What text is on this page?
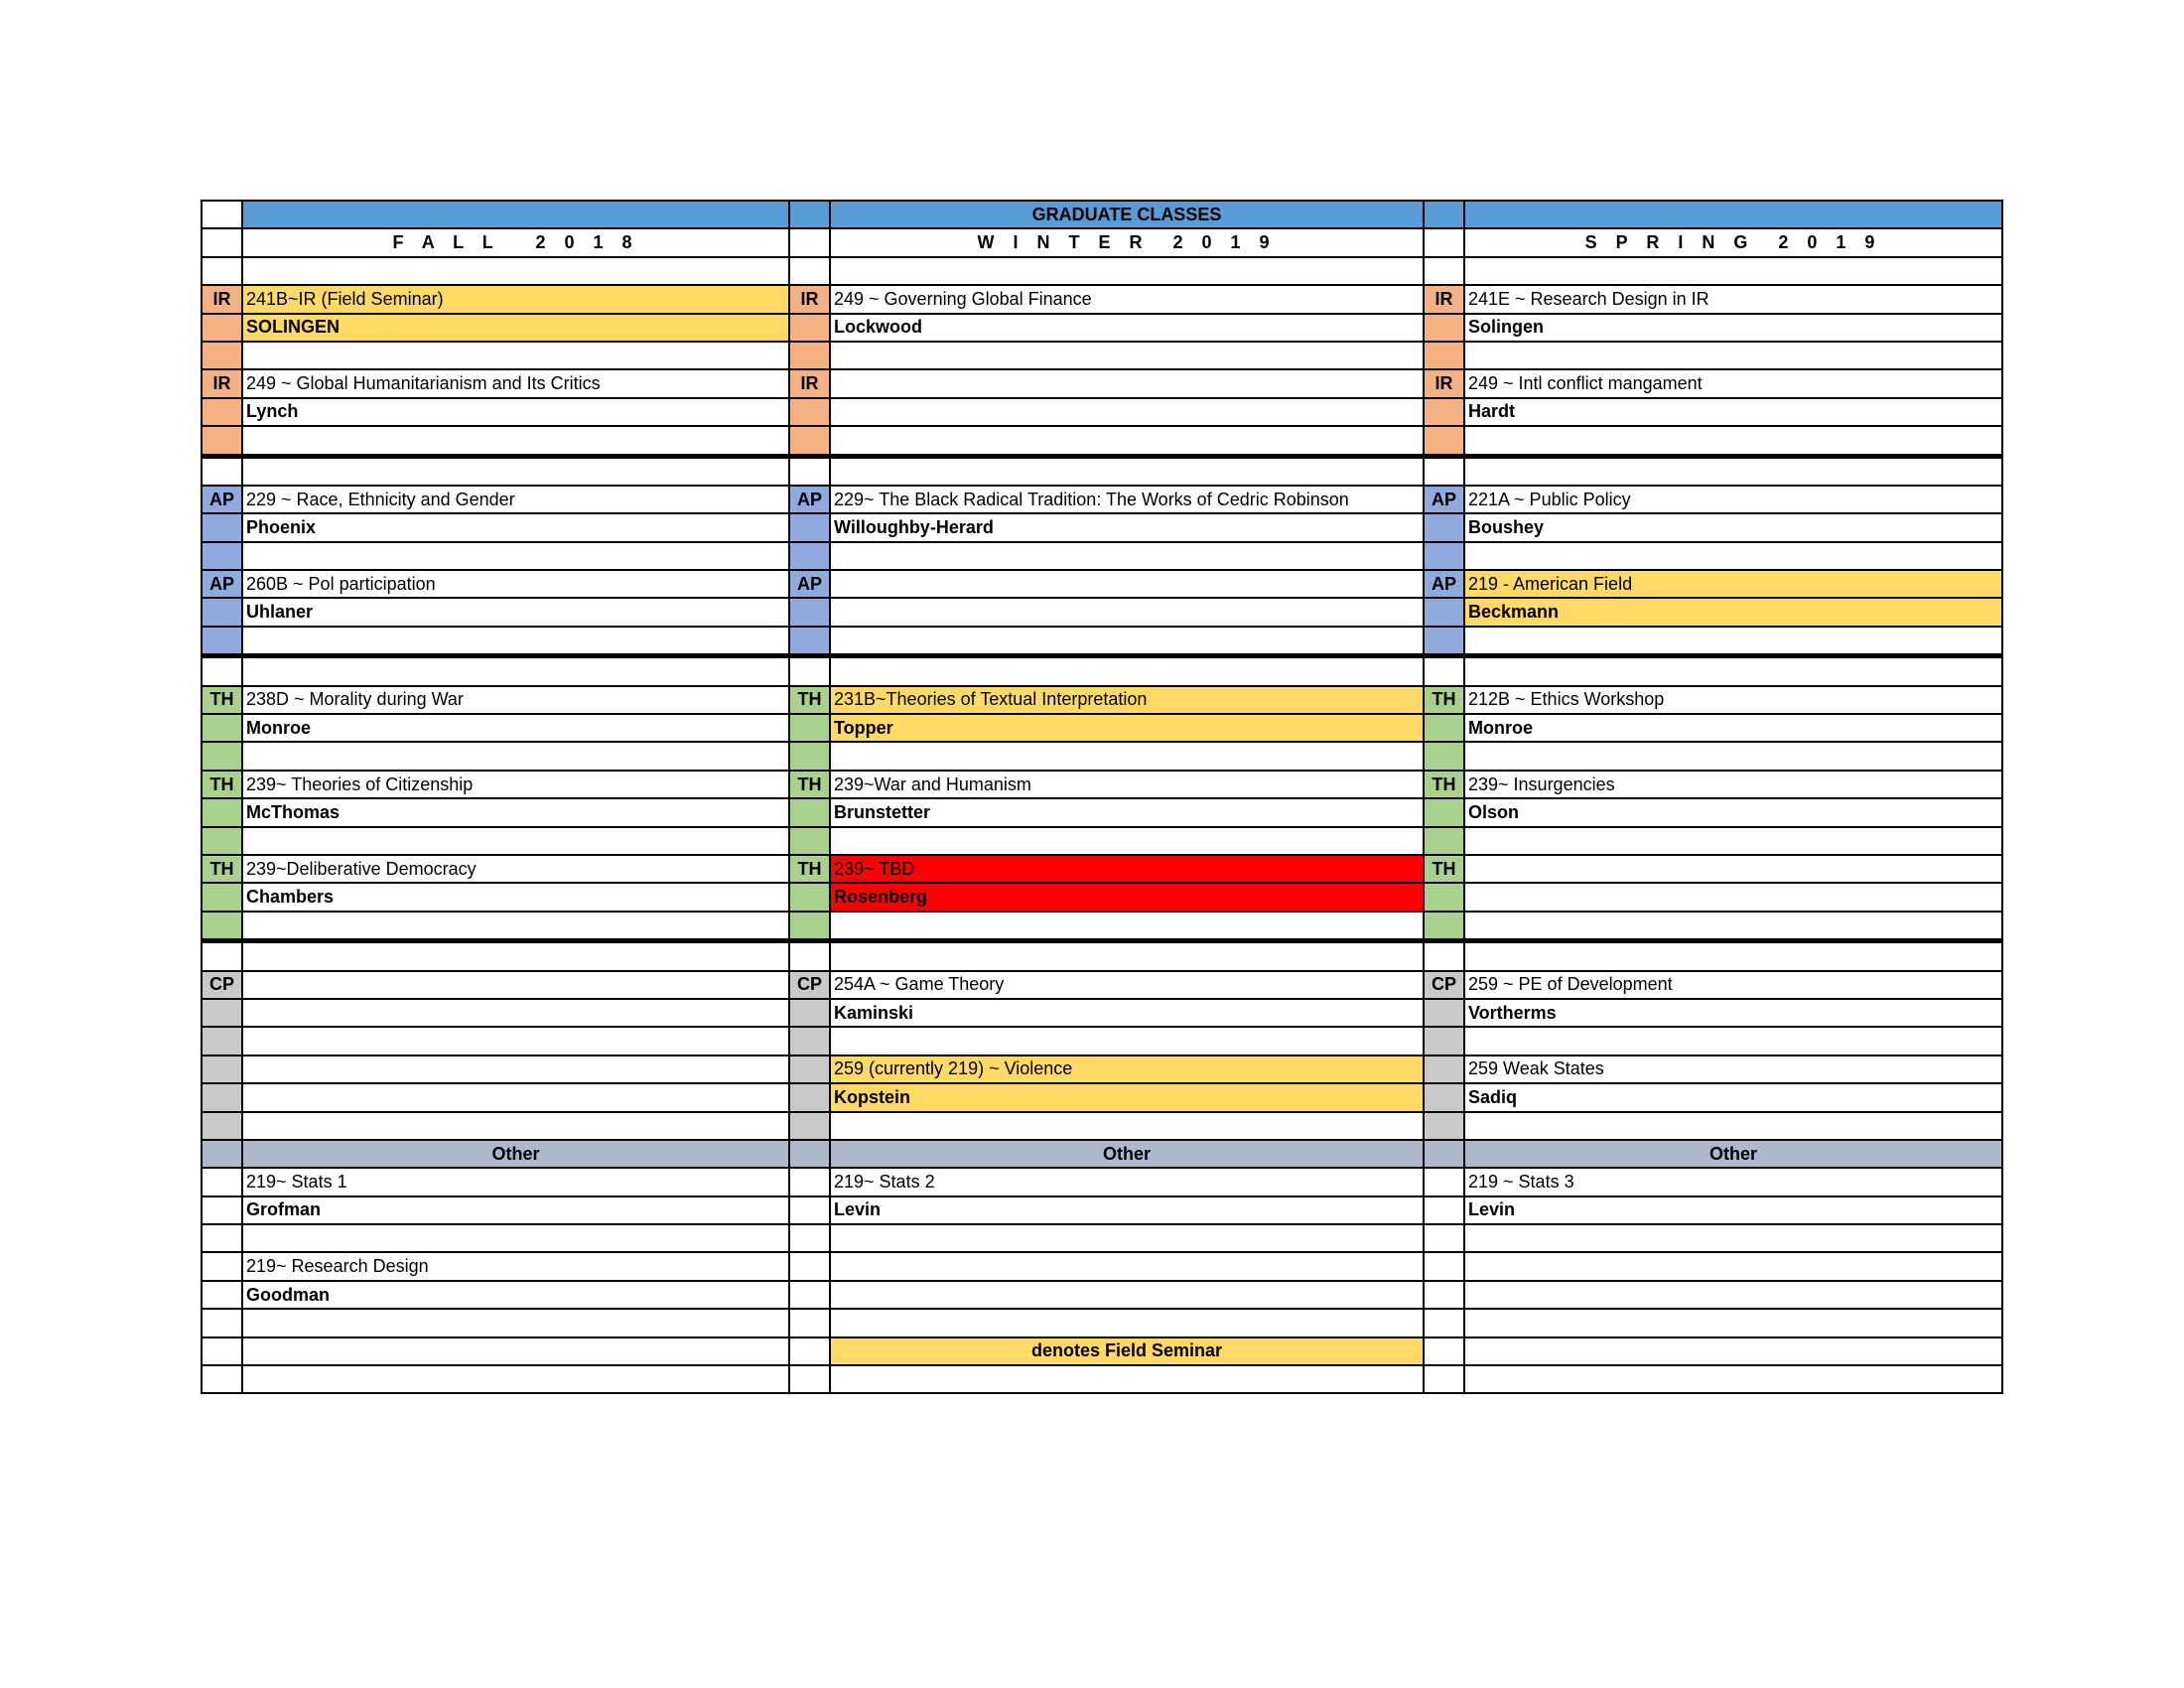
			GRADUATE CLASSES		
	F A L L   2 0 1 8		W I N T E R  2 0 1 9		S P R I N G  2 0 1 9

IR	241B~IR (Field Seminar)	IR	249 ~ Governing Global Finance	IR	241E ~ Research Design in IR
	SOLINGEN		Lockwood		Solingen

IR	249 ~ Global Humanitarianism and Its Critics	IR		IR	249 ~ Intl conflict mangament
	Lynch				Hardt

AP	229 ~ Race, Ethnicity and Gender	AP	229~ The Black Radical Tradition: The Works of Cedric Robinson	AP	221A ~ Public Policy
	Phoenix		Willoughby-Herard		Boushey

AP	260B ~ Pol participation	AP		AP	219 - American Field
	Uhlaner				Beckmann

TH	238D ~ Morality during War	TH	231B~Theories of Textual Interpretation	TH	212B ~ Ethics Workshop
	Monroe		Topper		Monroe

TH	239~ Theories of Citizenship	TH	239~War and Humanism	TH	239~ Insurgencies
	McThomas		Brunstetter		Olson

TH	239~Deliberative Democracy	TH	239~ TBD	TH	
	Chambers		Rosenberg		

CP		CP	254A ~ Game Theory	CP	259 ~ PE of Development
			Kaminski		Vortherms

			259 (currently 219) ~ Violence		259 Weak States
			Kopstein		Sadiq

	Other		Other		Other
	219~ Stats 1		219~ Stats 2		219 ~ Stats 3
	Grofman		Levin		Levin

	219~ Research Design				
	Goodman				

			denotes Field Seminar		
